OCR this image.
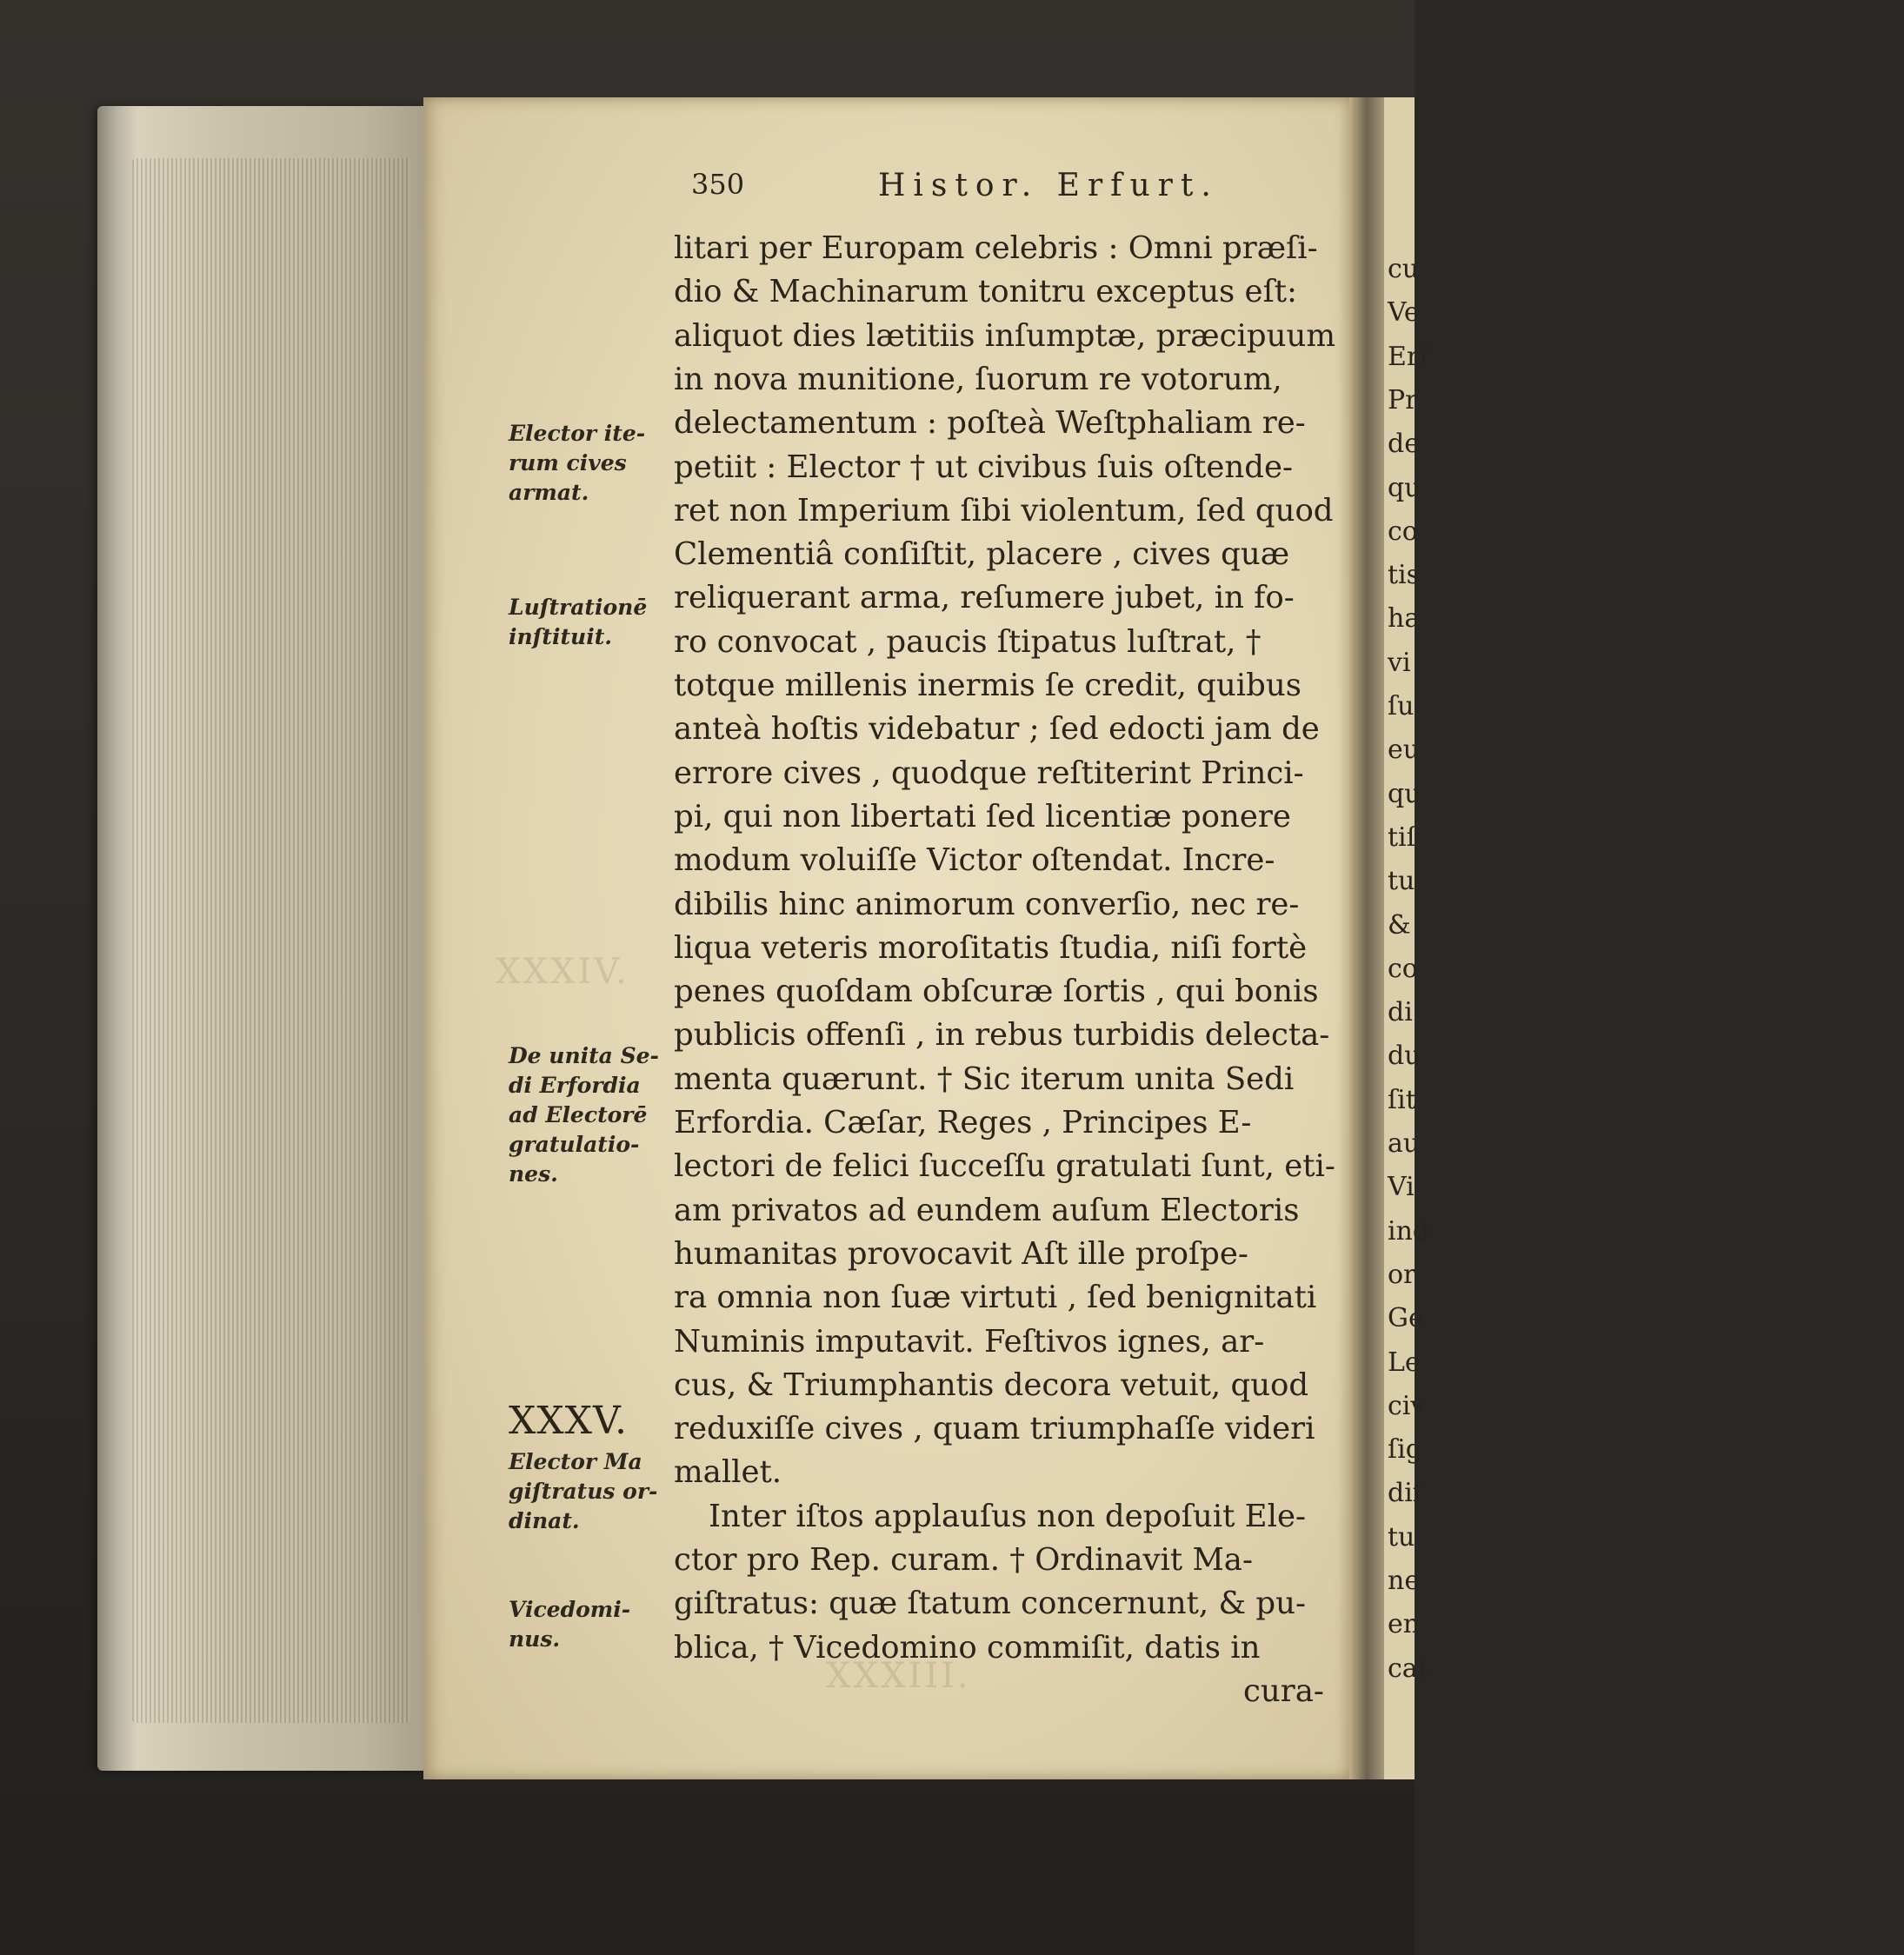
cu
Ve
Erf
Pr
de
qu
co
tis
ha
vi
ſu
eu
qu
tiſ
tu
&
co
di
du
ſit
au
Vi
ind
or
Ge
Le
civ
ſig
diſ
tu
ne
en
cat
XXXIV.
XXXIII.
350	Histor. Erfurt.
litari per Europam celebris : Omni præſi-
dio & Machinarum tonitru exceptus eſt:
aliquot dies lætitiis inſumptæ, præcipuum
in nova munitione, ſuorum re votorum,
delectamentum : poſteà Weſtphaliam re-
petiit : Elector † ut civibus ſuis oſtende-
ret non Imperium ſibi violentum, ſed quod
Clementiâ conſiſtit, placere , cives quæ
reliquerant arma, reſumere jubet, in fo-
ro convocat , paucis ſtipatus luſtrat, †
totque millenis inermis ſe credit, quibus
anteà hoſtis videbatur ; ſed edocti jam de
errore cives , quodque reſtiterint Princi-
pi, qui non libertati ſed licentiæ ponere
modum voluiſſe Victor oſtendat. Incre-
dibilis hinc animorum converſio, nec re-
liqua veteris moroſitatis ſtudia, niſi fortè
penes quoſdam obſcuræ ſortis , qui bonis
publicis offenſi , in rebus turbidis delecta-
menta quærunt. † Sic iterum unita Sedi
Erfordia. Cæſar, Reges , Principes E-
lectori de felici ſucceſſu gratulati ſunt, eti-
am privatos ad eundem auſum Electoris
humanitas provocavit Aſt ille proſpe-
ra omnia non ſuæ virtuti , ſed benignitati
Numinis imputavit. Feſtivos ignes, ar-
cus, & Triumphantis decora vetuit, quod
reduxiſſe cives , quam triumphaſſe videri
mallet.
Inter iſtos applauſus non depoſuit Ele-
ctor pro Rep. curam. † Ordinavit Ma-
giſtratus: quæ ſtatum concernunt, & pu-
blica, † Vicedomino commiſit, datis in
cura-
Elector ite-
rum cives
armat.
Luſtrationē
inſtituit.
De unita Se-
di Erfordia
ad Electorē
gratulatio-
nes.
Elector Ma
giſtratus or-
dinat.
Vicedomi-
nus.
XXXV.
